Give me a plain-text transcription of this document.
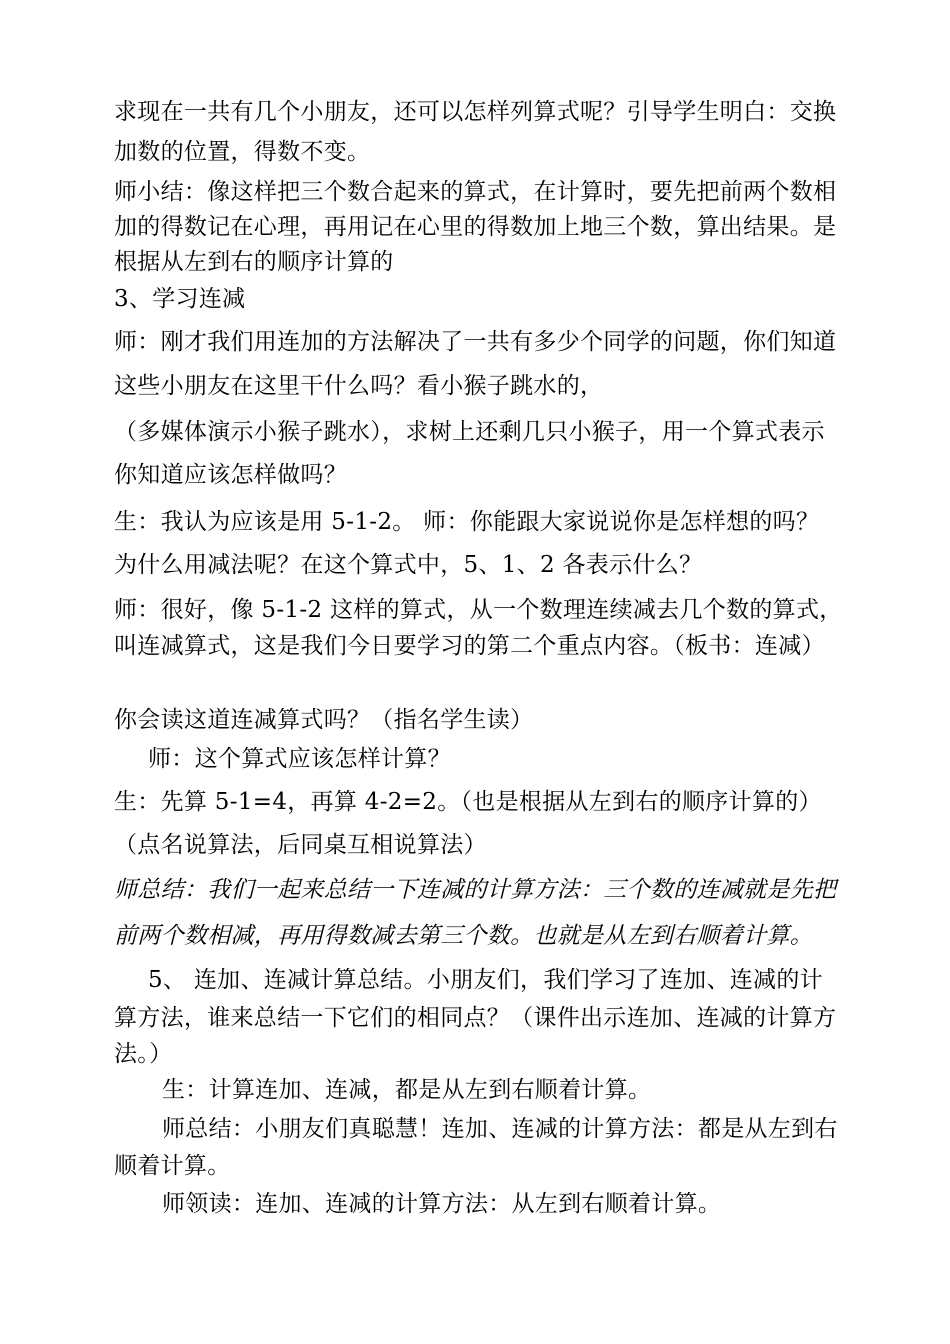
求现在一共有几个小朋友，还可以怎样列算式呢？引导学生明白：交换
加数的位置，得数不变。
师小结：像这样把三个数合起来的算式，在计算时，要先把前两个数相
加的得数记在心理，再用记在心里的得数加上地三个数，算出结果。是
根据从左到右的顺序计算的
3、学习连减
师：刚才我们用连加的方法解决了一共有多少个同学的问题，你们知道
这些小朋友在这里干什么吗？看小猴子跳水的，
（多媒体演示小猴子跳水），求树上还剩几只小猴子，用一个算式表示
你知道应该怎样做吗？
生：我认为应该是用 5-1-2。 师：你能跟大家说说你是怎样想的吗？
为什么用减法呢？在这个算式中，5、1、2 各表示什么？
师：很好，像 5-1-2 这样的算式，从一个数理连续减去几个数的算式，
叫连减算式，这是我们今日要学习的第二个重点内容。（板书：连减）
你会读这道连减算式吗？（指名学生读）
师：这个算式应该怎样计算？
生：先算 5-1=4，再算 4-2=2。（也是根据从左到右的顺序计算的）
（点名说算法，后同桌互相说算法）
师总结：我们一起来总结一下连减的计算方法：三个数的连减就是先把
前两个数相减，再用得数减去第三个数。也就是从左到右顺着计算。
5、 连加、连减计算总结。小朋友们，我们学习了连加、连减的计
算方法，谁来总结一下它们的相同点？（课件出示连加、连减的计算方
法。）
生：计算连加、连减，都是从左到右顺着计算。
师总结：小朋友们真聪慧！连加、连减的计算方法：都是从左到右
顺着计算。
师领读：连加、连减的计算方法：从左到右顺着计算。
